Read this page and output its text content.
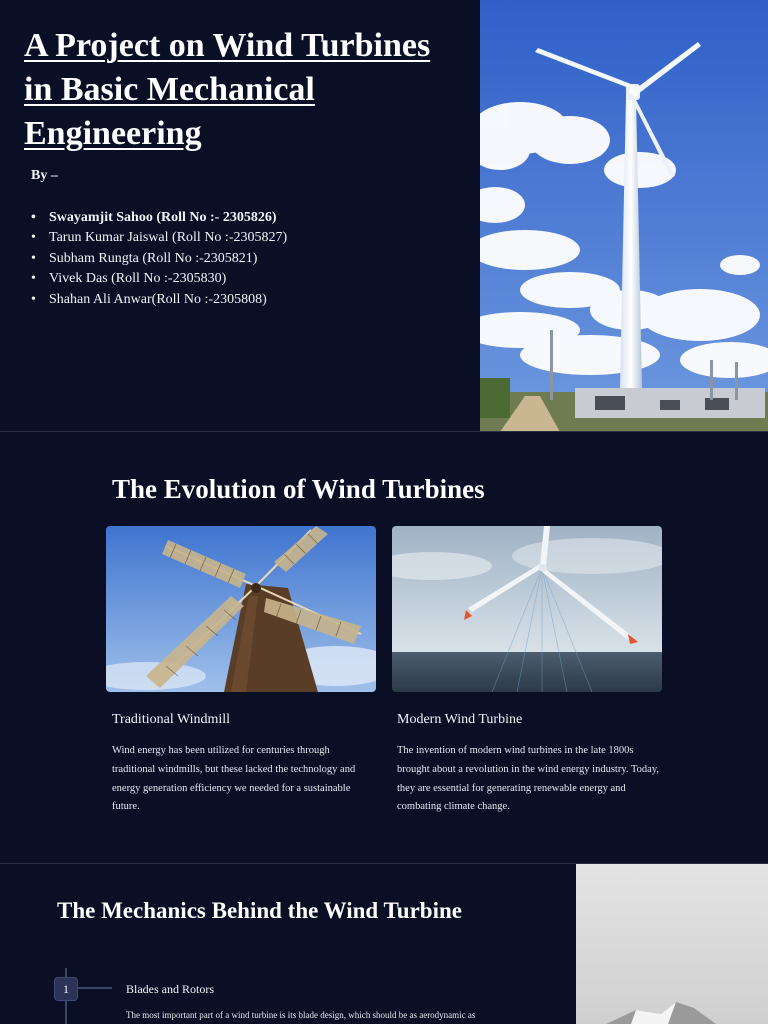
A Project on Wind Turbines in Basic Mechanical Engineering
By –
• Swayamjit Sahoo (Roll No :- 2305826)
• Tarun Kumar Jaiswal (Roll No :-2305827)
• Subham Rungta (Roll No :-2305821)
• Vivek Das (Roll No :-2305830)
• Shahan Ali Anwar(Roll No :-2305808)
The Evolution of Wind Turbines
Traditional Windmill
Wind energy has been utilized for centuries through traditional windmills, but these lacked the technology and energy generation efficiency we needed for a sustainable future.
Modern Wind Turbine
The invention of modern wind turbines in the late 1800s brought about a revolution in the wind energy industry. Today, they are essential for generating renewable energy and combating climate change.
The Mechanics Behind the Wind Turbine
1	Blades and Rotors
The most important part of a wind turbine is its blade design, which should be as aerodynamic as
